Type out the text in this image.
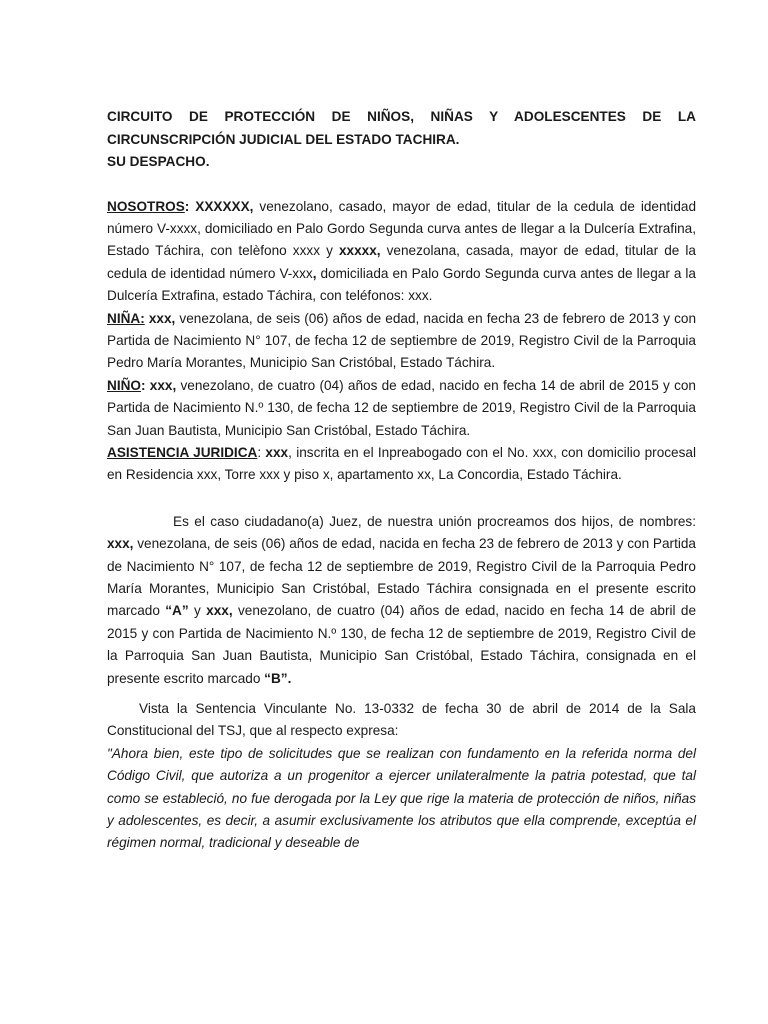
CIRCUITO DE PROTECCIÓN DE NIÑOS, NIÑAS Y ADOLESCENTES DE LA CIRCUNSCRIPCIÓN JUDICIAL DEL ESTADO TACHIRA.
SU DESPACHO.

NOSOTROS: XXXXXX, venezolano, casado, mayor de edad, titular de la cedula de identidad número V-xxxx, domiciliado en Palo Gordo Segunda curva antes de llegar a la Dulcería Extrafina, Estado Táchira, con telèfono xxxx y xxxxx, venezolana, casada, mayor de edad, titular de la cedula de identidad número V-xxx, domiciliada en Palo Gordo Segunda curva antes de llegar a la Dulcería Extrafina, estado Táchira, con teléfonos: xxx.

NIÑA: xxx, venezolana, de seis (06) años de edad, nacida en fecha 23 de febrero de 2013 y con Partida de Nacimiento N° 107, de fecha 12 de septiembre de 2019, Registro Civil de la Parroquia Pedro María Morantes, Municipio San Cristóbal, Estado Táchira.

NIÑO: xxx, venezolano, de cuatro (04) años de edad, nacido en fecha 14 de abril de 2015 y con Partida de Nacimiento N.º 130, de fecha 12 de septiembre de 2019, Registro Civil de la Parroquia San Juan Bautista, Municipio San Cristóbal, Estado Táchira.

ASISTENCIA JURIDICA: xxx, inscrita en el Inpreabogado con el No. xxx, con domicilio procesal en Residencia xxx, Torre xxx y piso x, apartamento xx, La Concordia, Estado Táchira.

Es el caso ciudadano(a) Juez, de nuestra unión procreamos dos hijos, de nombres: xxx, venezolana, de seis (06) años de edad, nacida en fecha 23 de febrero de 2013 y con Partida de Nacimiento N° 107, de fecha 12 de septiembre de 2019, Registro Civil de la Parroquia Pedro María Morantes, Municipio San Cristóbal, Estado Táchira consignada en el presente escrito marcado “A” y xxx, venezolano, de cuatro (04) años de edad, nacido en fecha 14 de abril de 2015 y con Partida de Nacimiento N.º 130, de fecha 12 de septiembre de 2019, Registro Civil de la Parroquia San Juan Bautista, Municipio San Cristóbal, Estado Táchira, consignada en el presente escrito marcado “B”.

Vista la Sentencia Vinculante No. 13-0332 de fecha 30 de abril de 2014 de la Sala Constitucional del TSJ, que al respecto expresa:

"Ahora bien, este tipo de solicitudes que se realizan con fundamento en la referida norma del Código Civil, que autoriza a un progenitor a ejercer unilateralmente la patria potestad, que tal como se estableció, no fue derogada por la Ley que rige la materia de protección de niños, niñas y adolescentes, es decir, a asumir exclusivamente los atributos que ella comprende, exceptúa el régimen normal, tradicional y deseable de
